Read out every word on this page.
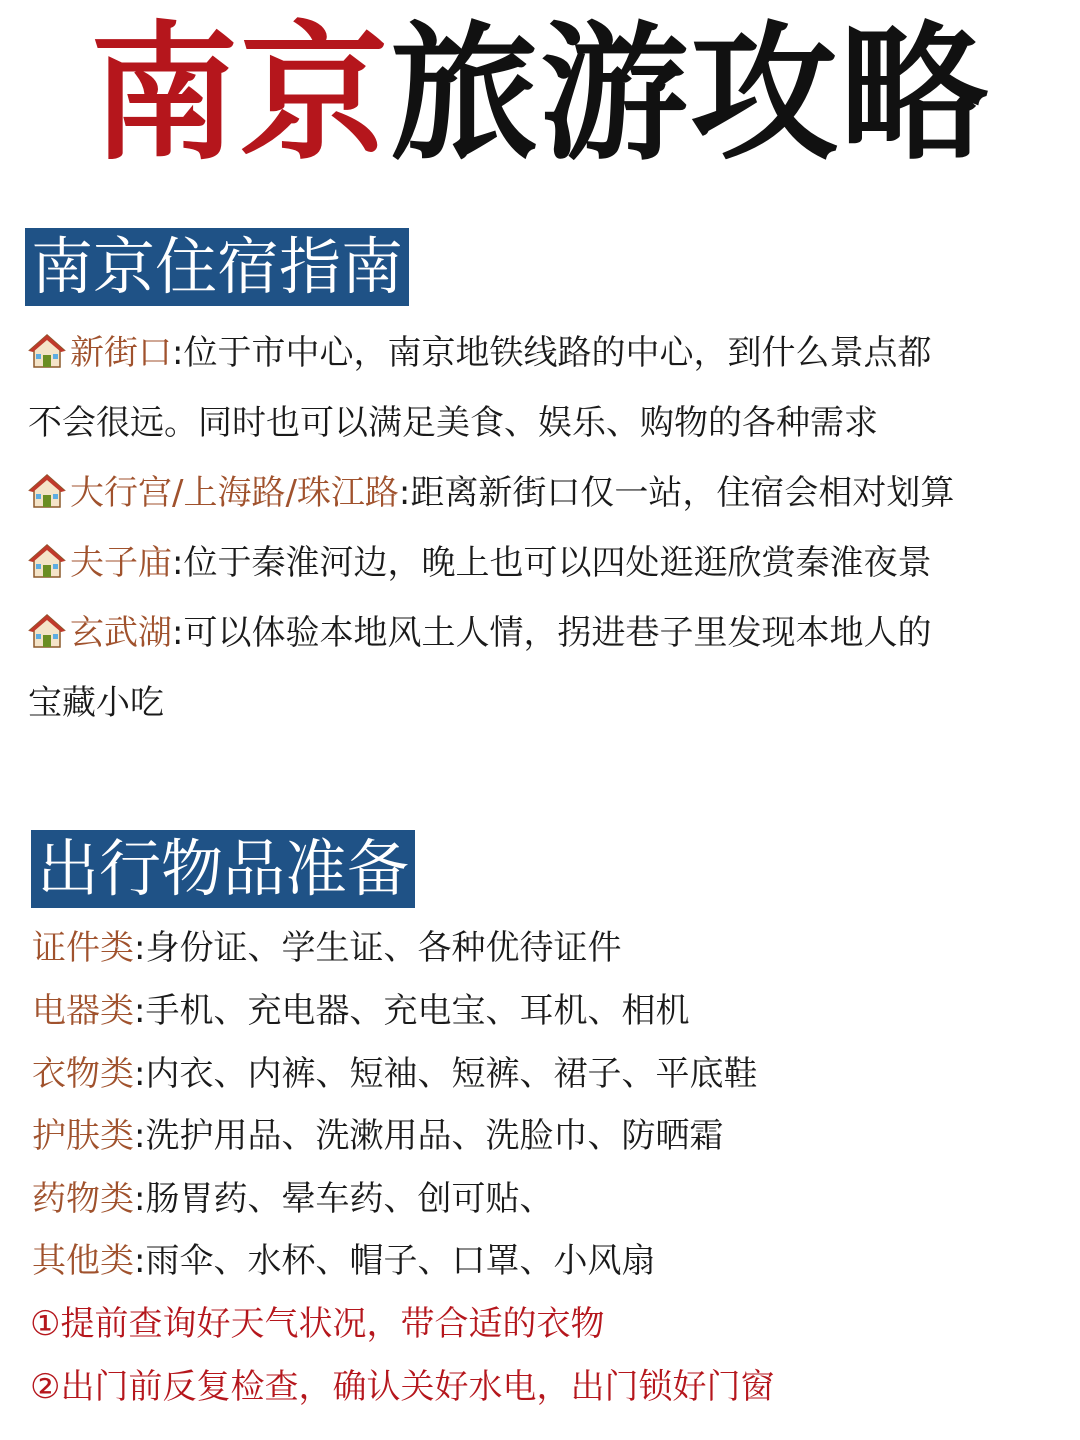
南京旅游攻略
南京住宿指南
新街口:位于市中心，南京地铁线路的中心，到什么景点都
不会很远。同时也可以满足美食、娱乐、购物的各种需求
大行宫/上海路/珠江路:距离新街口仅一站，住宿会相对划算
夫子庙:位于秦淮河边，晚上也可以四处逛逛欣赏秦淮夜景
玄武湖:可以体验本地风土人情，拐进巷子里发现本地人的
宝藏小吃
出行物品准备
证件类:身份证、学生证、各种优待证件
电器类:手机、充电器、充电宝、耳机、相机
衣物类:内衣、内裤、短袖、短裤、裙子、平底鞋
护肤类:洗护用品、洗漱用品、洗脸巾、防晒霜
药物类:肠胃药、晕车药、创可贴、
其他类:雨伞、水杯、帽子、口罩、小风扇
①提前查询好天气状况，带合适的衣物
②出门前反复检查，确认关好水电，出门锁好门窗
